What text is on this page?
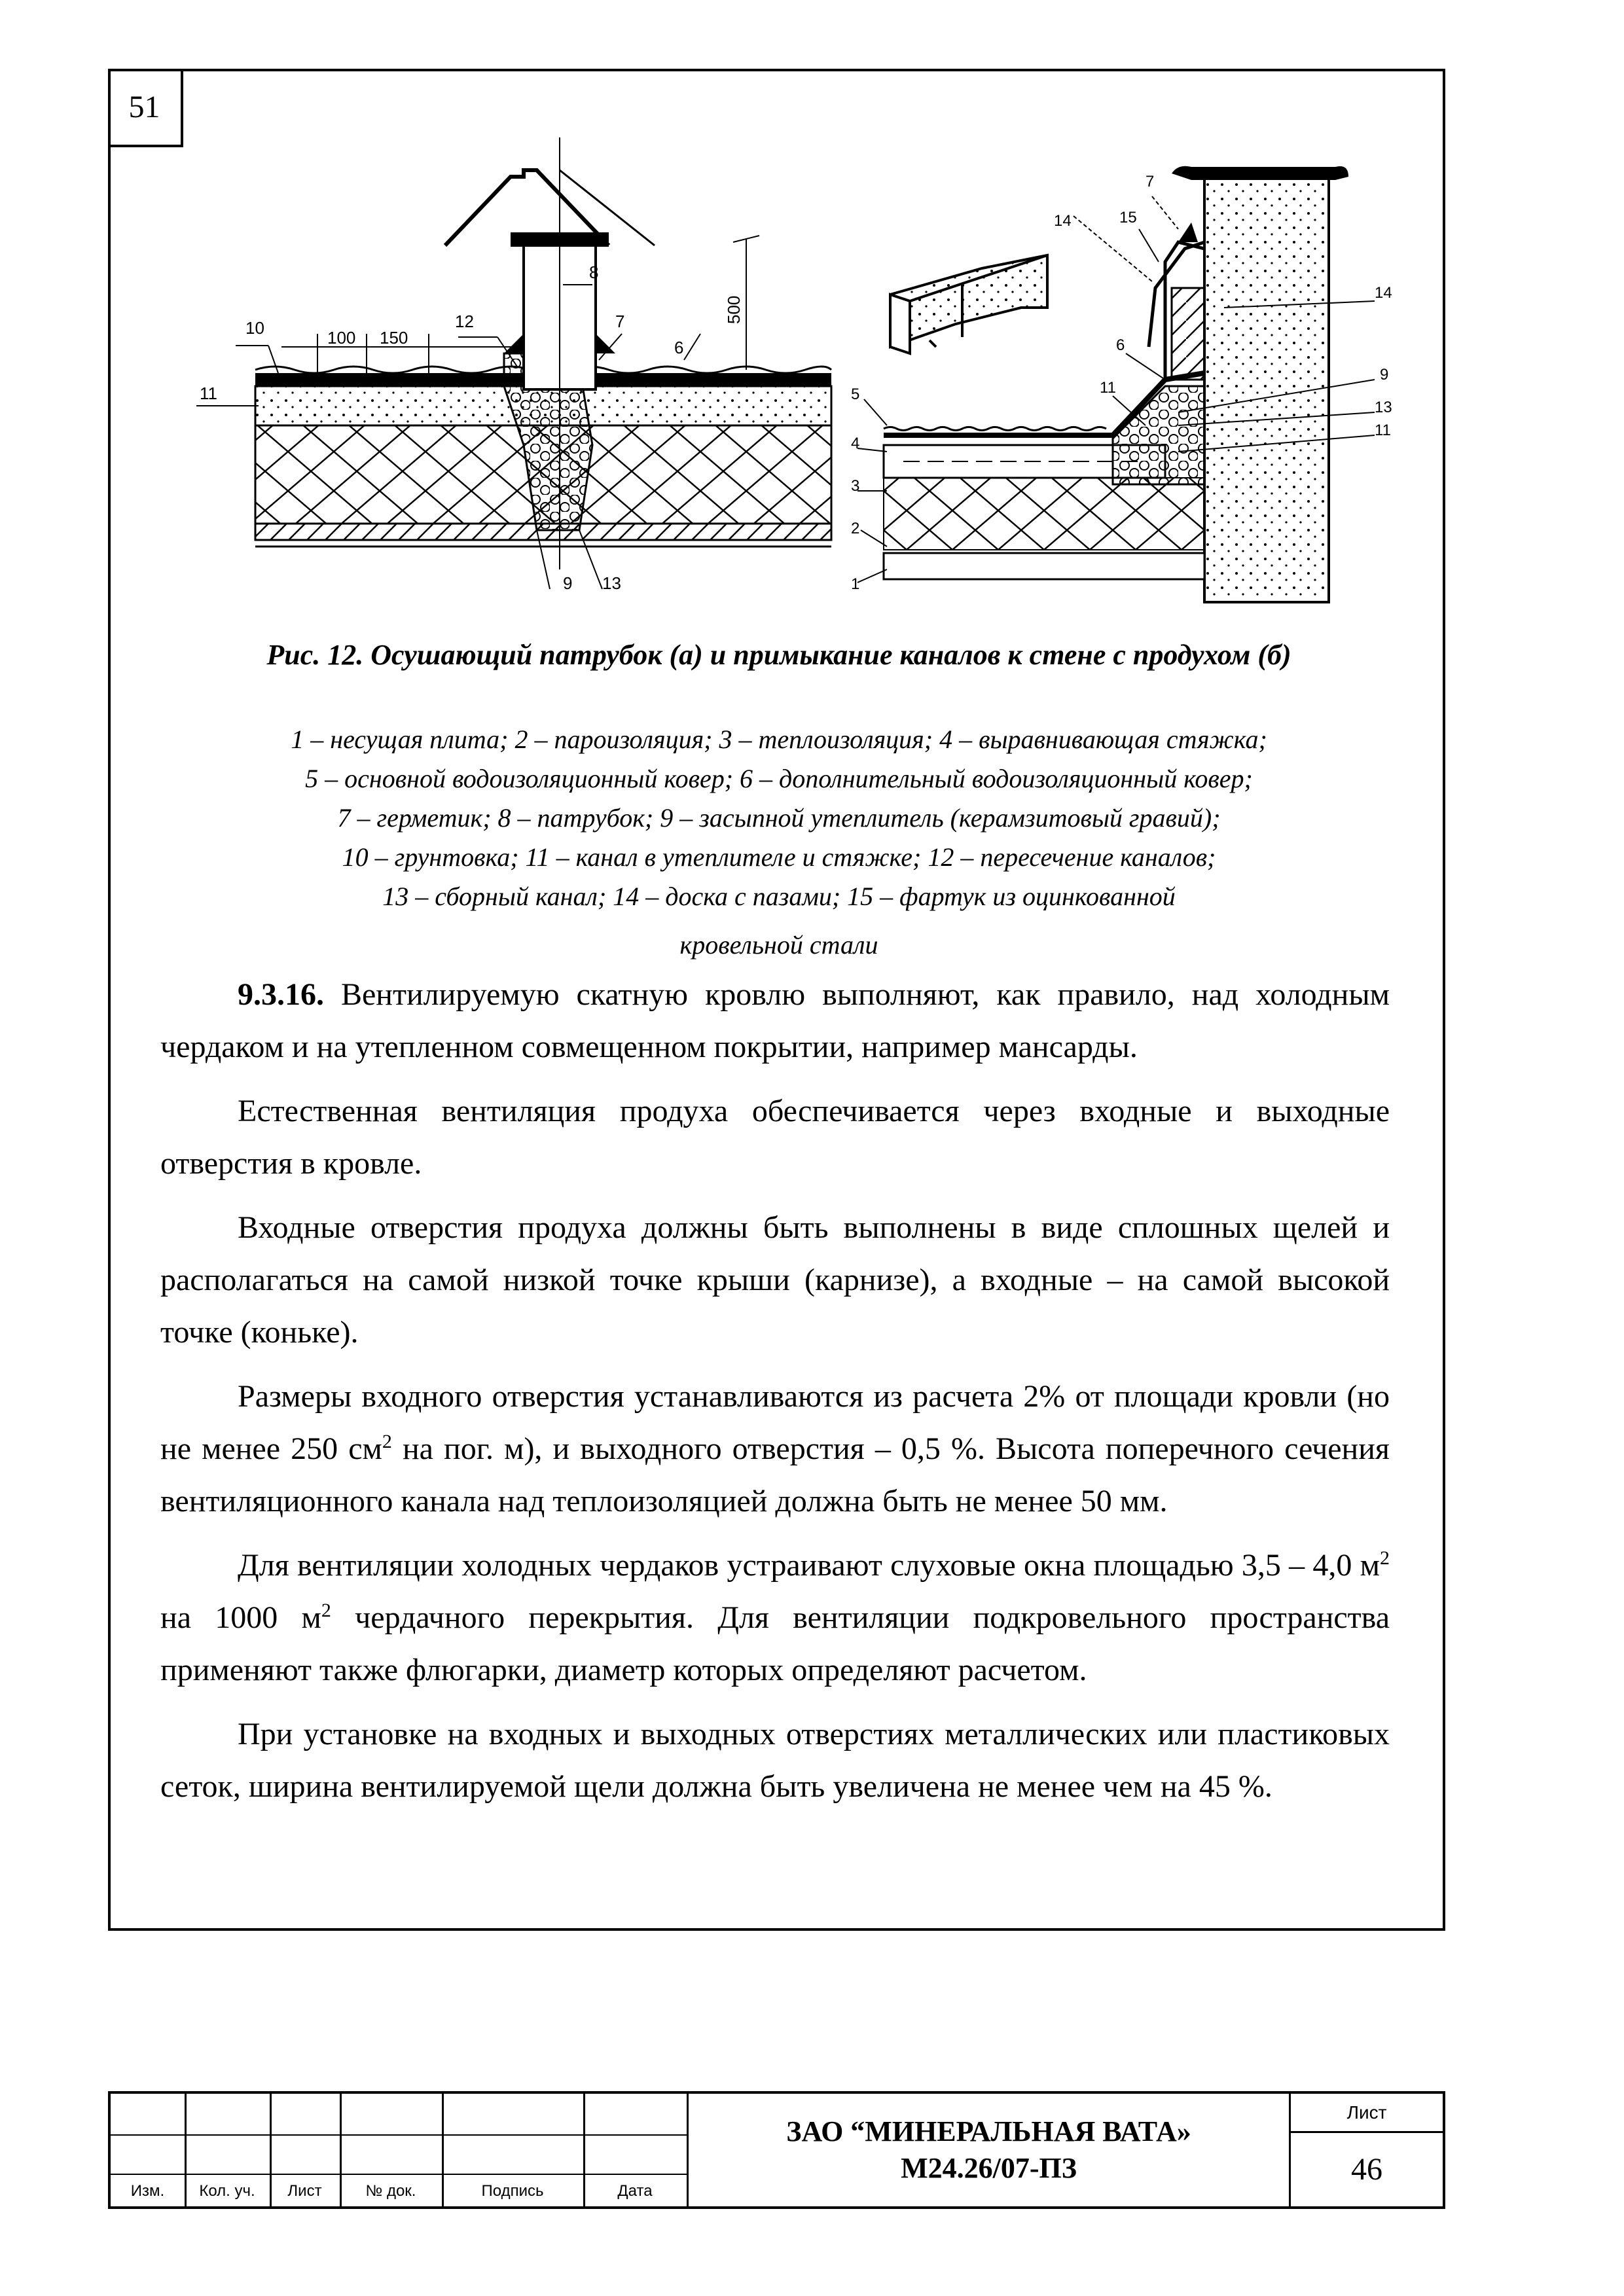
51
10
11
12
8
7
6
9 13
100 150
500
7
14	15
14
6
11
9
13
11
5
4
3
2
1
Рис. 12. Осушающий патрубок (а) и примыкание каналов к стене с продухом (б)
1 – несущая плита; 2 – пароизоляция; 3 – теплоизоляция; 4 – выравнивающая стяжка;
5 – основной водоизоляционный ковер; 6 – дополнительный водоизоляционный ковер;
7 – герметик; 8 – патрубок; 9 – засыпной утеплитель (керамзитовый гравий);
10 – грунтовка; 11 – канал в утеплителе и стяжке; 12 – пересечение каналов;
13 – сборный канал; 14 – доска с пазами; 15 – фартук из оцинкованной
кровельной стали

9.3.16. Вентилируемую скатную кровлю выполняют, как правило, над холодным чердаком и на утепленном совмещенном покрытии, например мансарды.

Естественная вентиляция продуха обеспечивается через входные и выходные отверстия в кровле.

Входные отверстия продуха должны быть выполнены в виде сплошных щелей и располагаться на самой низкой точке крыши (карнизе), а входные – на самой высокой точке (коньке).

Размеры входного отверстия устанавливаются из расчета 2% от площади кровли (но не менее 250 $см^2$ на пог. м), и выходного отверстия – 0,5 %. Высота поперечного сечения вентиляционного канала над теплоизоляцией должна быть не менее 50 мм.

Для вентиляции холодных чердаков устраивают слуховые окна площадью 3,5 – 4,0 $м^2$ на 1000 $м^2$ чердачного перекрытия. Для вентиляции подкровельного пространства применяют также флюгарки, диаметр которых определяют расчетом.

При установке на входных и выходных отверстиях металлических или пластиковых сеток, ширина вентилируемой щели должна быть увеличена не менее чем на 45 %.

Изм.	Кол. уч.	Лист	№ док.	Подпись	Дата
ЗАО “МИНЕРАЛЬНАЯ ВАТА»
М24.26/07-ПЗ
Лист
46
